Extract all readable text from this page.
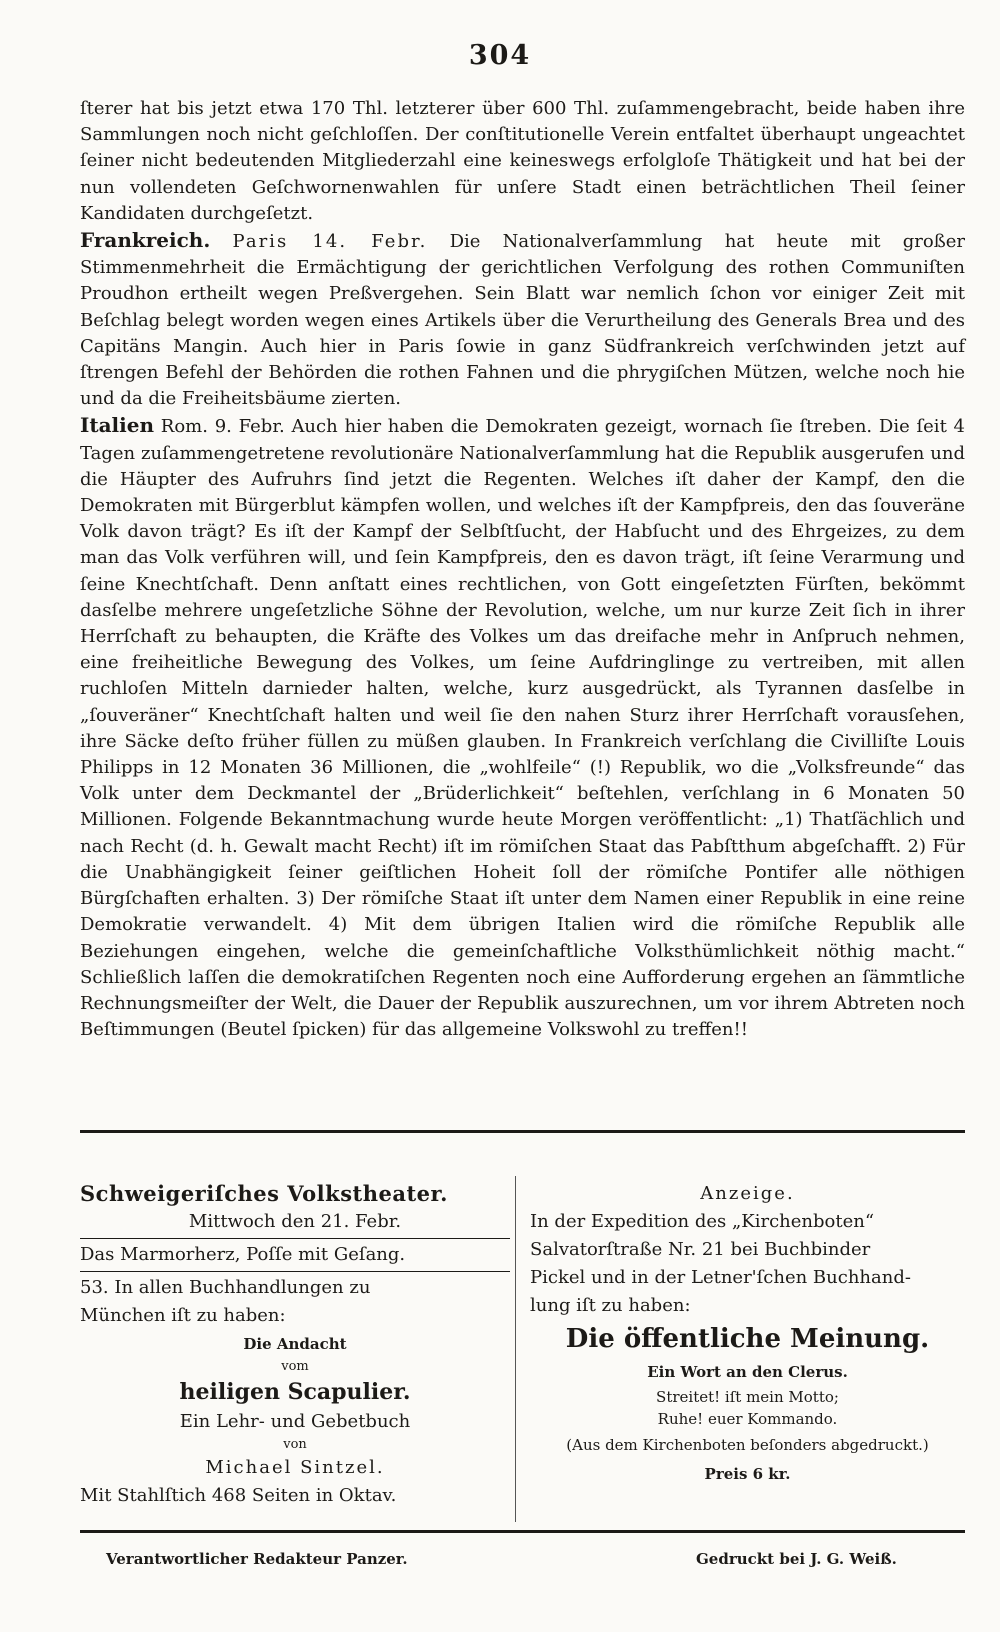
304

ſterer hat bis jetzt etwa 170 Thl. letzterer über 600 Thl. zuſammengebracht, beide haben ihre Sammlungen noch nicht geſchloſſen. Der conſtitutionelle Verein entfaltet überhaupt ungeachtet ſeiner nicht bedeutenden Mitgliederzahl eine keineswegs erfolgloſe Thätigkeit und hat bei der nun vollendeten Geſchwornenwahlen für unſere Stadt einen beträchtlichen Theil ſeiner Kandidaten durchgeſetzt.

Frankreich. Paris 14. Febr. Die Nationalverſammlung hat heute mit großer Stimmenmehrheit die Ermächtigung der gerichtlichen Verfolgung des rothen Communiſten Proudhon ertheilt wegen Preßvergehen. Sein Blatt war nemlich ſchon vor einiger Zeit mit Beſchlag belegt worden wegen eines Artikels über die Verurtheilung des Generals Brea und des Capitäns Mangin. Auch hier in Paris ſowie in ganz Südfrankreich verſchwinden jetzt auf ſtrengen Befehl der Behörden die rothen Fahnen und die phrygiſchen Mützen, welche noch hie und da die Freiheitsbäume zierten.

Italien Rom. 9. Febr. Auch hier haben die Demokraten gezeigt, wornach ſie ſtreben. Die ſeit 4 Tagen zuſammengetretene revolutionäre Nationalverſammlung hat die Republik ausgerufen und die Häupter des Aufruhrs ſind jetzt die Regenten. Welches iſt daher der Kampf, den die Demokraten mit Bürgerblut kämpfen wollen, und welches iſt der Kampfpreis, den das ſouveräne Volk davon trägt? Es iſt der Kampf der Selbſtſucht, der Habſucht und des Ehrgeizes, zu dem man das Volk verführen will, und ſein Kampfpreis, den es davon trägt, iſt ſeine Verarmung und ſeine Knechtſchaft. Denn anſtatt eines rechtlichen, von Gott eingeſetzten Fürſten, bekömmt dasſelbe mehrere ungeſetzliche Söhne der Revolution, welche, um nur kurze Zeit ſich in ihrer Herrſchaft zu behaupten, die Kräfte des Volkes um das dreifache mehr in Anſpruch nehmen, eine freiheitliche Bewegung des Volkes, um ſeine Aufdringlinge zu vertreiben, mit allen ruchloſen Mitteln darnieder halten, welche, kurz ausgedrückt, als Tyrannen dasſelbe in „ſouveräner“ Knechtſchaft halten und weil ſie den nahen Sturz ihrer Herrſchaft vorausſehen, ihre Säcke deſto früher füllen zu müßen glauben. In Frankreich verſchlang die Civilliſte Louis Philipps in 12 Monaten 36 Millionen, die „wohlfeile“ (!) Republik, wo die „Volksfreunde“ das Volk unter dem Deckmantel der „Brüderlichkeit“ beſtehlen, verſchlang in 6 Monaten 50 Millionen. Folgende Bekanntmachung wurde heute Morgen veröffentlicht: „1) Thatſächlich und nach Recht (d. h. Gewalt macht Recht) iſt im römiſchen Staat das Pabſtthum abgeſchafft. 2) Für die Unabhängigkeit ſeiner geiſtlichen Hoheit ſoll der römiſche Pontifer alle nöthigen Bürgſchaften erhalten. 3) Der römiſche Staat iſt unter dem Namen einer Republik in eine reine Demokratie verwandelt. 4) Mit dem übrigen Italien wird die römiſche Republik alle Beziehungen eingehen, welche die gemeinſchaftliche Volksthümlichkeit nöthig macht.“ Schließlich laſſen die demokratiſchen Regenten noch eine Aufforderung ergehen an ſämmtliche Rechnungsmeiſter der Welt, die Dauer der Republik auszurechnen, um vor ihrem Abtreten noch Beſtimmungen (Beutel ſpicken) für das allgemeine Volkswohl zu treffen!!

Schweigeriſches Volkstheater.
Mittwoch den 21. Febr.
Das Marmorherz, Poſſe mit Geſang.
53. In allen Buchhandlungen zu
München iſt zu haben:
Die Andacht
vom
heiligen Scapulier.
Ein Lehr- und Gebetbuch
von
Michael Sintzel.
Mit Stahlſtich 468 Seiten in Oktav.
Anzeige.
In der Expedition des „Kirchenboten“
Salvatorſtraße Nr. 21 bei Buchbinder
Pickel und in der Letner'ſchen Buchhand-
lung iſt zu haben:
Die öffentliche Meinung.
Ein Wort an den Clerus.
Streitet! iſt mein Motto;
Ruhe! euer Kommando.
(Aus dem Kirchenboten beſonders abgedruckt.)
Preis 6 kr.
Verantwortlicher Redakteur Panzer.	Gedruckt bei J. G. Weiß.
